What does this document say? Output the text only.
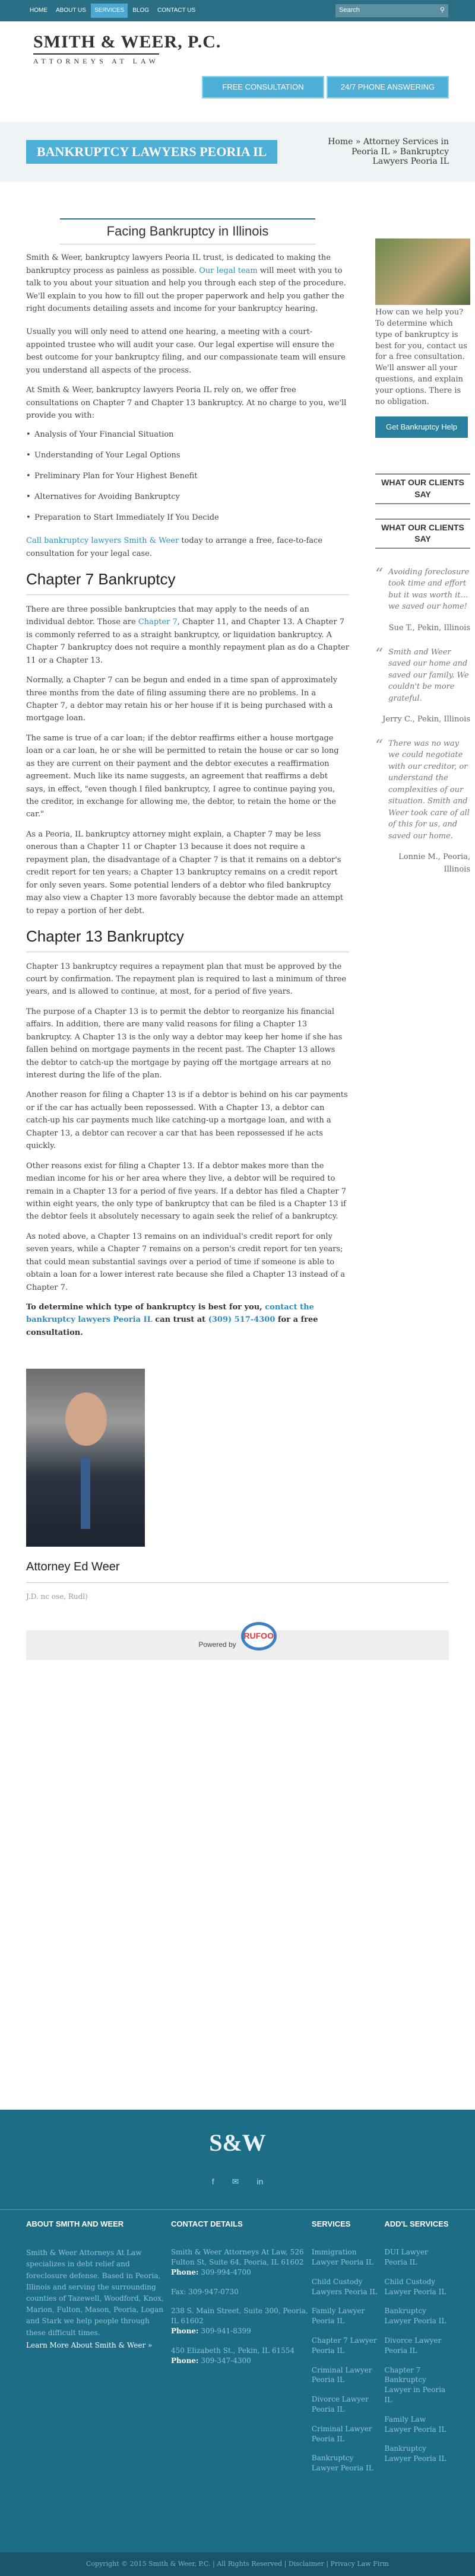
HOME	ABOUT US	SERVICES	BLOG	CONTACT US	Search	⚲
SMITH & WEER, P.C.
ATTORNEYS AT LAW
FREE CONSULTATION	24/7 PHONE ANSWERING
BANKRUPTCY LAWYERS PEORIA IL
Home » Attorney Services in Peoria IL » Bankruptcy Lawyers Peoria IL
Facing Bankruptcy in Illinois

Smith & Weer, bankruptcy lawyers Peoria IL trust, is dedicated to making the bankruptcy process as painless as possible. Our legal team will meet with you to talk to you about your situation and help you through each step of the procedure. We'll explain to you how to fill out the proper paperwork and help you gather the right documents detailing assets and income for your bankruptcy hearing.

Usually you will only need to attend one hearing, a meeting with a court-appointed trustee who will audit your case. Our legal expertise will ensure the best outcome for your bankruptcy filing, and our compassionate team will ensure you understand all aspects of the process.

At Smith & Weer, bankruptcy lawyers Peoria IL rely on, we offer free consultations on Chapter 7 and Chapter 13 bankruptcy. At no charge to you, we'll provide you with:

• Analysis of Your Financial Situation
• Understanding of Your Legal Options
• Preliminary Plan for Your Highest Benefit
• Alternatives for Avoiding Bankruptcy
• Preparation to Start Immediately If You Decide

Call bankruptcy lawyers Smith & Weer today to arrange a free, face-to-face consultation for your legal case.

Chapter 7 Bankruptcy

There are three possible bankruptcies that may apply to the needs of an individual debtor. Those are Chapter 7, Chapter 11, and Chapter 13. A Chapter 7 is commonly referred to as a straight bankruptcy, or liquidation bankruptcy. A Chapter 7 bankruptcy does not require a monthly repayment plan as do a Chapter 11 or a Chapter 13.

Normally, a Chapter 7 can be begun and ended in a time span of approximately three months from the date of filing assuming there are no problems. In a Chapter 7, a debtor may retain his or her house if it is being purchased with a mortgage loan.

The same is true of a car loan; if the debtor reaffirms either a house mortgage loan or a car loan, he or she will be permitted to retain the house or car so long as they are current on their payment and the debtor executes a reaffirmation agreement. Much like its name suggests, an agreement that reaffirms a debt says, in effect, "even though I filed bankruptcy, I agree to continue paying you, the creditor, in exchange for allowing me, the debtor, to retain the home or the car."

As a Peoria, IL bankruptcy attorney might explain, a Chapter 7 may be less onerous than a Chapter 11 or Chapter 13 because it does not require a repayment plan, the disadvantage of a Chapter 7 is that it remains on a debtor's credit report for ten years; a Chapter 13 bankruptcy remains on a credit report for only seven years. Some potential lenders of a debtor who filed bankruptcy may also view a Chapter 13 more favorably because the debtor made an attempt to repay a portion of her debt.

Chapter 13 Bankruptcy

Chapter 13 bankruptcy requires a repayment plan that must be approved by the court by confirmation. The repayment plan is required to last a minimum of three years, and is allowed to continue, at most, for a period of five years.

The purpose of a Chapter 13 is to permit the debtor to reorganize his financial affairs. In addition, there are many valid reasons for filing a Chapter 13 bankruptcy. A Chapter 13 is the only way a debtor may keep her home if she has fallen behind on mortgage payments in the recent past. The Chapter 13 allows the debtor to catch-up the mortgage by paying off the mortgage arrears at no interest during the life of the plan.

Another reason for filing a Chapter 13 is if a debtor is behind on his car payments or if the car has actually been repossessed. With a Chapter 13, a debtor can catch-up his car payments much like catching-up a mortgage loan, and with a Chapter 13, a debtor can recover a car that has been repossessed if he acts quickly.

Other reasons exist for filing a Chapter 13. If a debtor makes more than the median income for his or her area where they live, a debtor will be required to remain in a Chapter 13 for a period of five years. If a debtor has filed a Chapter 7 within eight years, the only type of bankruptcy that can be filed is a Chapter 13 if the debtor feels it absolutely necessary to again seek the relief of a bankruptcy.

As noted above, a Chapter 13 remains on an individual's credit report for only seven years, while a Chapter 7 remains on a person's credit report for ten years; that could mean substantial savings over a period of time if someone is able to obtain a loan for a lower interest rate because she filed a Chapter 13 instead of a Chapter 7.

To determine which type of bankruptcy is best for you, contact the bankruptcy lawyers Peoria IL can trust at (309) 517-4300 for a free consultation.

How can we help you? To determine which type of bankruptcy is best for you, contact us for a free consultation. We'll answer all your questions, and explain your options. There is no obligation.
Get Bankruptcy Help
WHAT OUR CLIENTS SAY
WHAT OUR CLIENTS SAY
“ Avoiding foreclosure took time and effort but it was worth it... we saved our home!
Sue T., Pekin, Illinois
“ Smith and Weer saved our home and saved our family. We couldn't be more grateful.
Jerry C., Pekin, Illinois
“ There was no way we could negotiate with our creditor, or understand the complexities of our situation. Smith and Weer took care of all of this for us, and saved our home.
Lonnie M., Peoria, Illinois
Attorney Ed Weer
J.D. nc ose, Rudl)
Powered by
RUFOO
S&W
f ✉ in
ABOUT SMITH AND WEER
Smith & Weer Attorneys At Law specializes in debt relief and foreclosure defense. Based in Peoria, Illinois and serving the surrounding counties of Tazewell, Woodford, Knox, Marion, Fulton, Mason, Peoria, Logan and Stark we help people through these difficult times.
Learn More About Smith & Weer »
CONTACT DETAILS
Smith & Weer Attorneys At Law, 526 Fulton St, Suite 64, Peoria, IL 61602
Phone: 309-994-4700
Fax: 309-947-0730
238 S. Main Street, Suite 300, Peoria, IL 61602
Phone: 309-941-8399
450 Elizabeth St., Pekin, IL 61554
Phone: 309-347-4300
SERVICES
Immigration Lawyer Peoria IL
Child Custody Lawyers Peoria IL
Family Lawyer Peoria IL
Chapter 7 Lawyer Peoria IL
Criminal Lawyer Peoria IL
Divorce Lawyer Peoria IL
Criminal Lawyer Peoria IL
Bankruptcy Lawyer Peoria IL
ADD'L SERVICES
DUI Lawyer Peoria IL
Child Custody Lawyer Peoria IL
Bankruptcy Lawyer Peoria IL
Divorce Lawyer Peoria IL
Chapter 7 Bankruptcy Lawyer in Peoria IL
Family Law Lawyer Peoria IL
Bankruptcy Lawyer Peoria IL
Copyright © 2015 Smith & Weer, P.C. | All Rights Reserved | Disclaimer | Privacy Law Firm
